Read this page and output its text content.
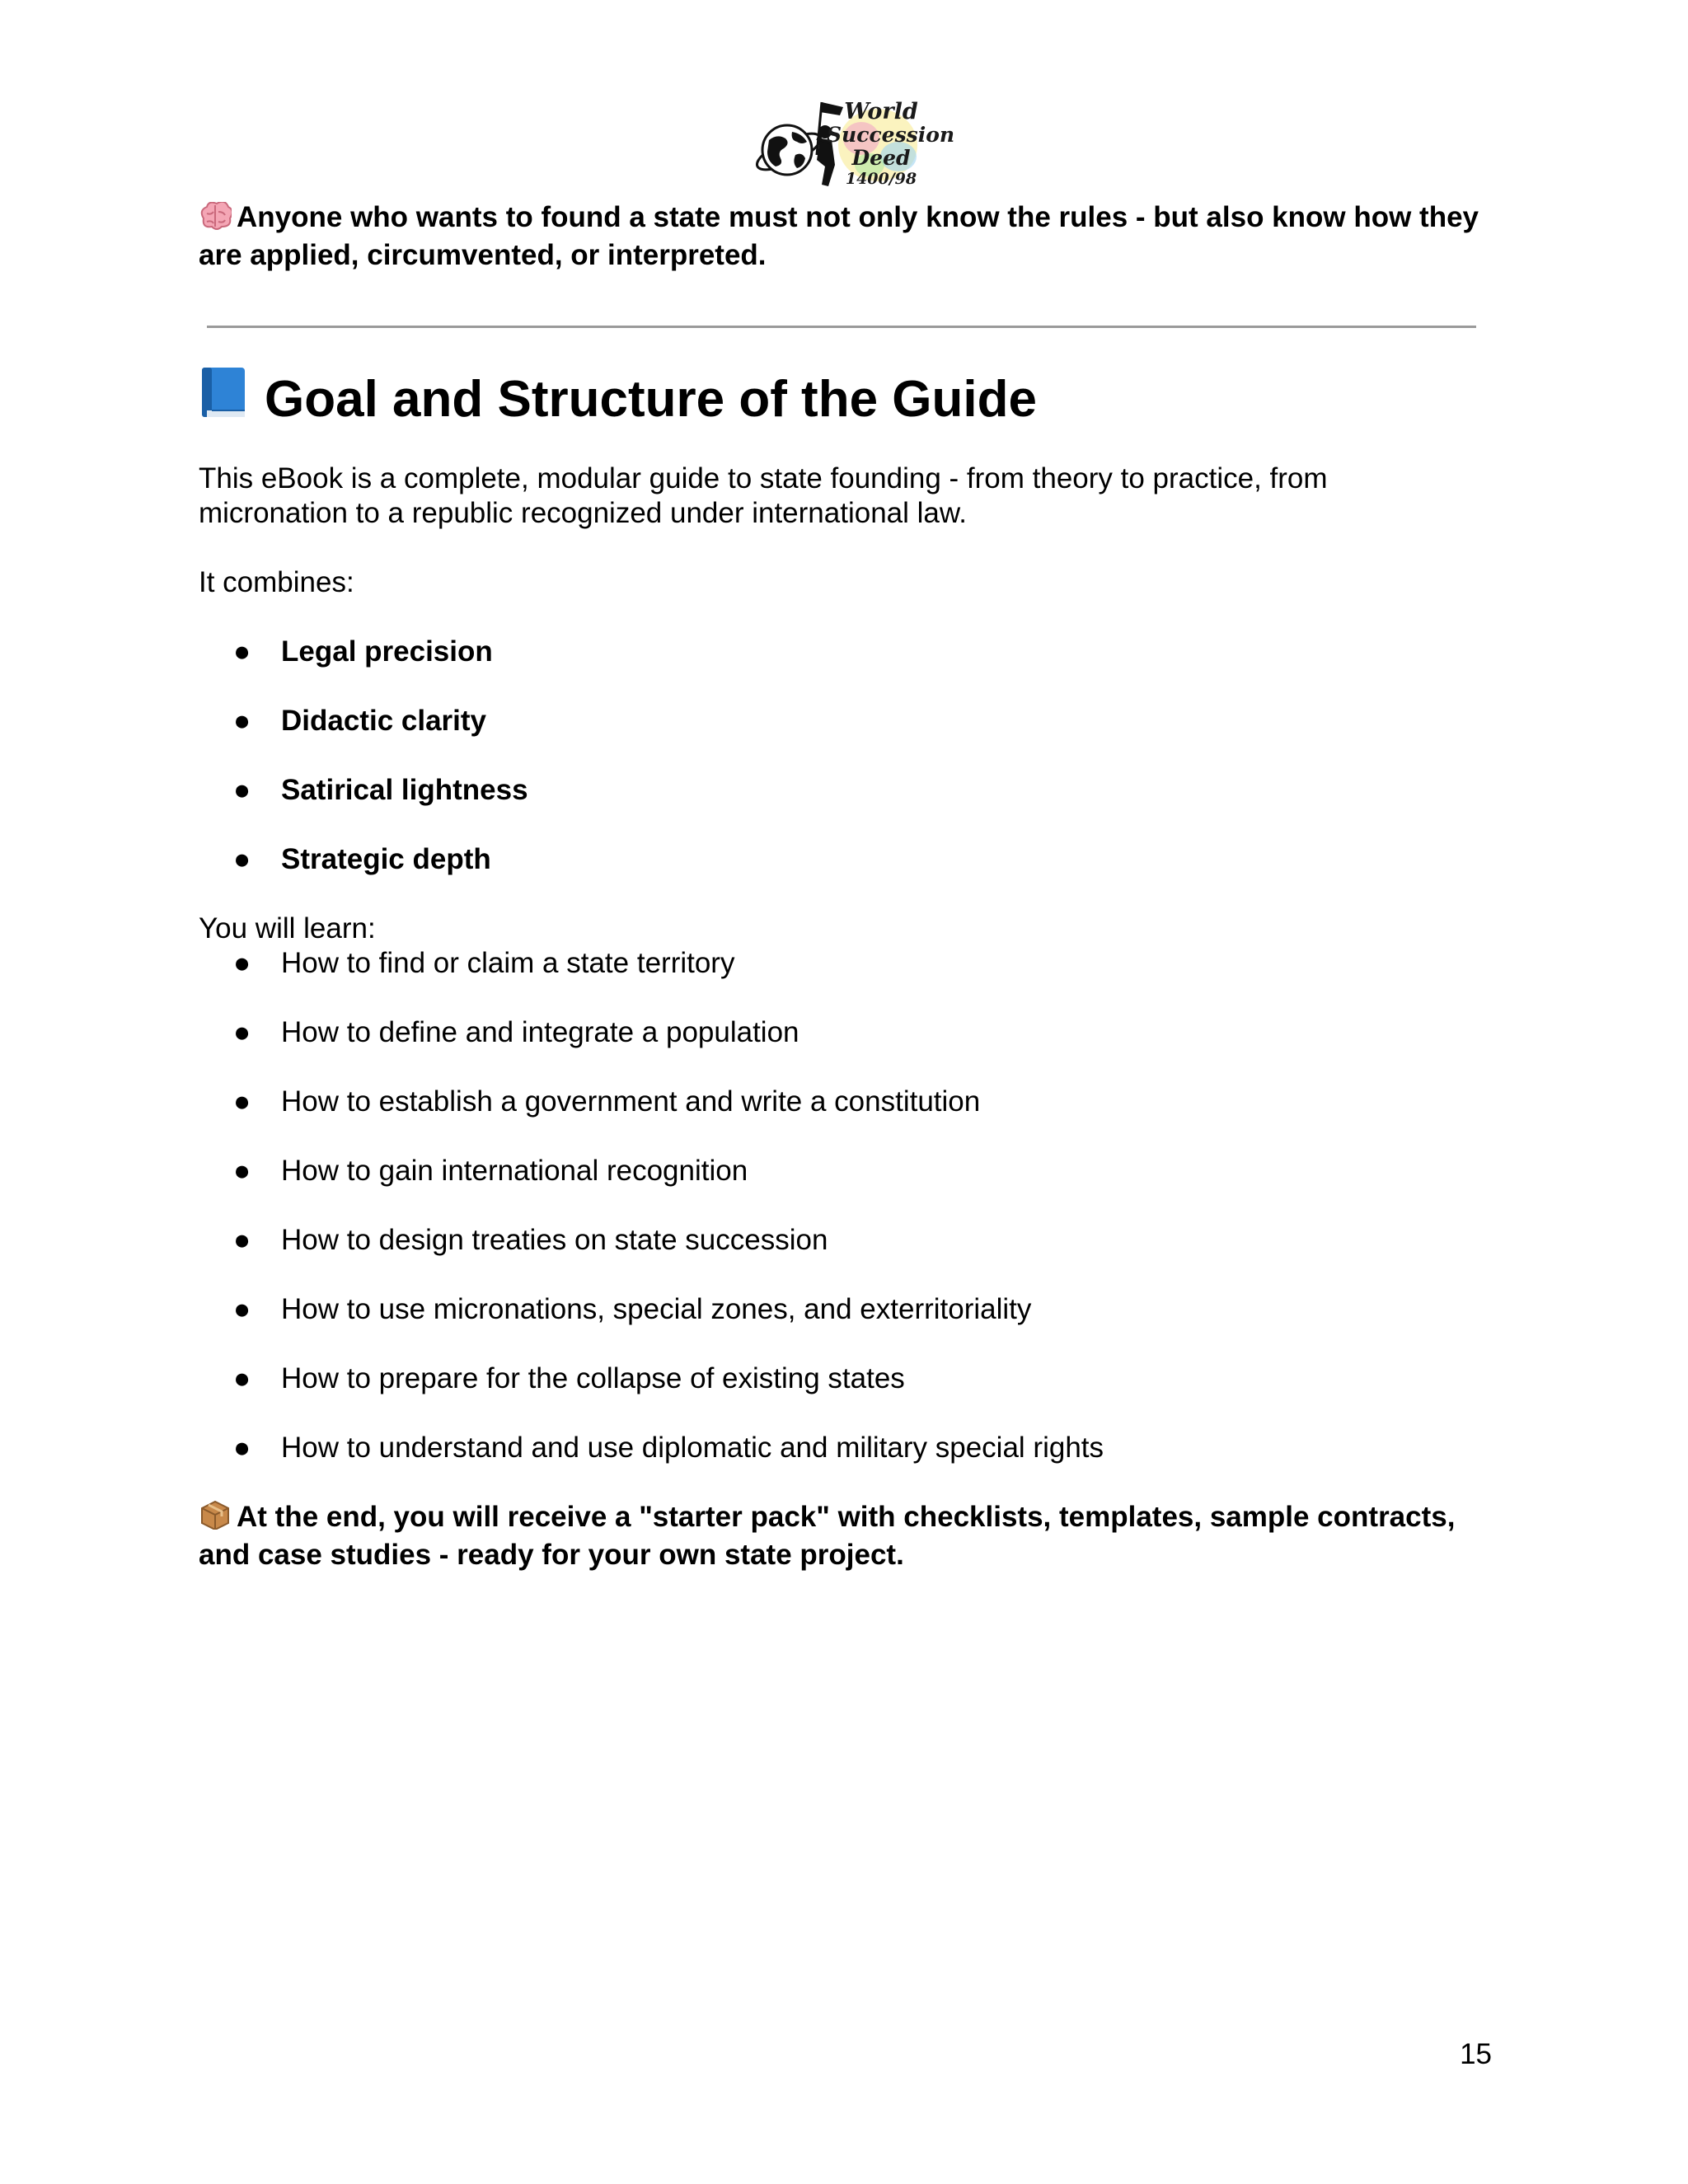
World
Succession
Deed
1400/98

Anyone who wants to found a state must not only know the rules - but also know how they are applied, circumvented, or interpreted.

Goal and Structure of the Guide

This eBook is a complete, modular guide to state founding - from theory to practice, from micronation to a republic recognized under international law.

It combines:

● Legal precision
● Didactic clarity
● Satirical lightness
● Strategic depth

You will learn:

● How to find or claim a state territory
● How to define and integrate a population
● How to establish a government and write a constitution
● How to gain international recognition
● How to design treaties on state succession
● How to use micronations, special zones, and exterritoriality
● How to prepare for the collapse of existing states
● How to understand and use diplomatic and military special rights

At the end, you will receive a "starter pack" with checklists, templates, sample contracts, and case studies - ready for your own state project.

15
